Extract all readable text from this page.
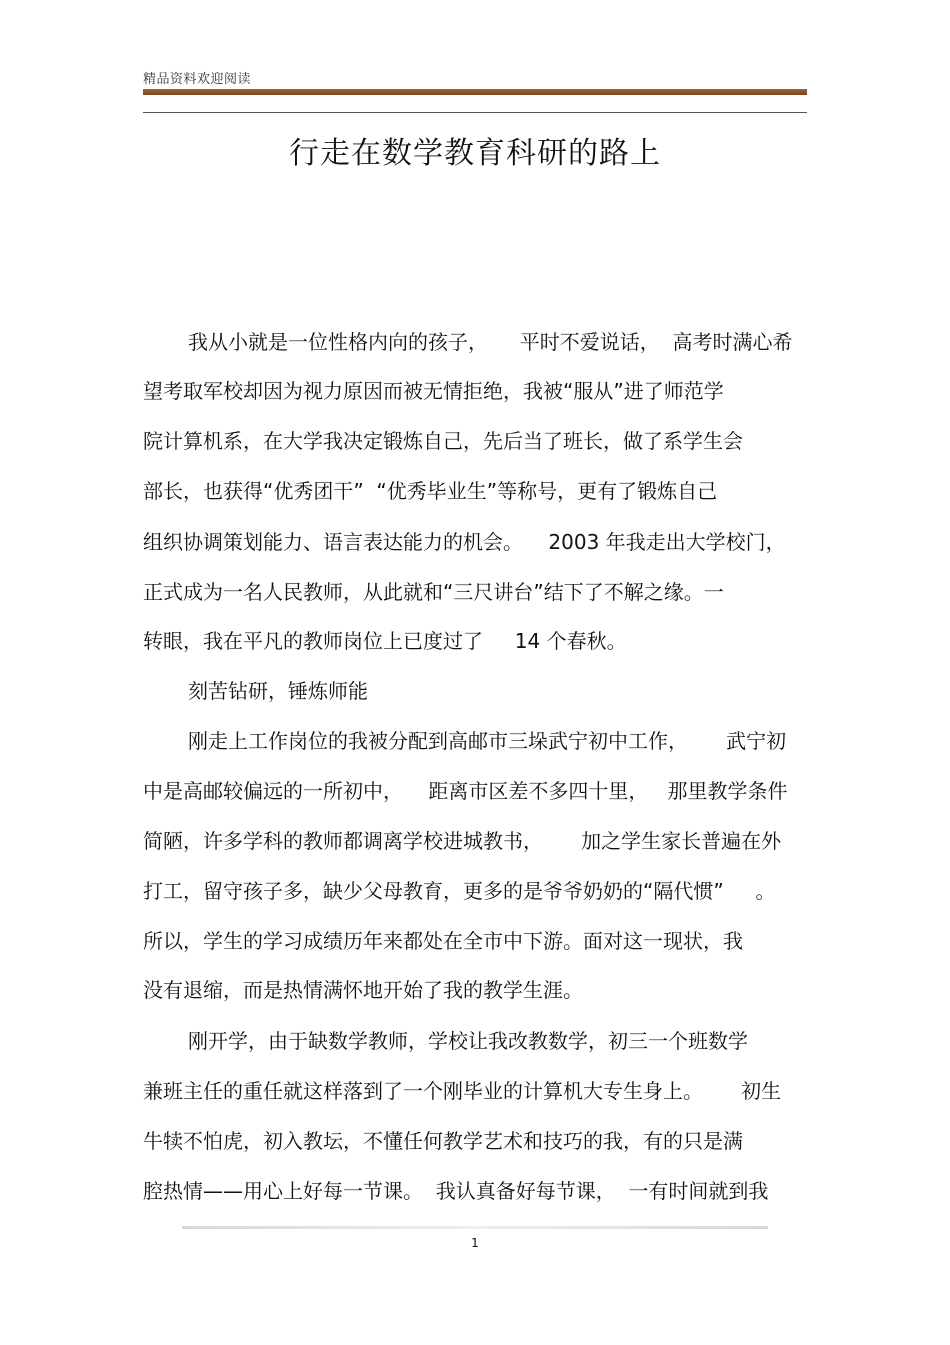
精品资料欢迎阅读
行走在数学教育科研的路上
我从小就是一位性格内向的孩子，     平时不爱说话，  高考时满心希
望考取军校却因为视力原因而被无情拒绝，我被“服从”进了师范学
院计算机系，在大学我决定锻炼自己，先后当了班长，做了系学生会
部长，也获得“优秀团干”  “优秀毕业生”等称号，更有了锻炼自己
组织协调策划能力、语言表达能力的机会。    2003 年我走出大学校门，
正式成为一名人民教师，从此就和“三尺讲台”结下了不解之缘。一
转眼，我在平凡的教师岗位上已度过了     14 个春秋。
刻苦钻研，锤炼师能
刚走上工作岗位的我被分配到高邮市三垛武宁初中工作，      武宁初
中是高邮较偏远的一所初中，    距离市区差不多四十里，   那里教学条件
简陋，许多学科的教师都调离学校进城教书，      加之学生家长普遍在外
打工，留守孩子多，缺少父母教育，更多的是爷爷奶奶的“隔代惯”     。
所以，学生的学习成绩历年来都处在全市中下游。面对这一现状，我
没有退缩，而是热情满怀地开始了我的教学生涯。
刚开学，由于缺数学教师，学校让我改教数学，初三一个班数学
兼班主任的重任就这样落到了一个刚毕业的计算机大专生身上。      初生
牛犊不怕虎，初入教坛，不懂任何教学艺术和技巧的我，有的只是满
腔热情——用心上好每一节课。  我认真备好每节课，  一有时间就到我
1
